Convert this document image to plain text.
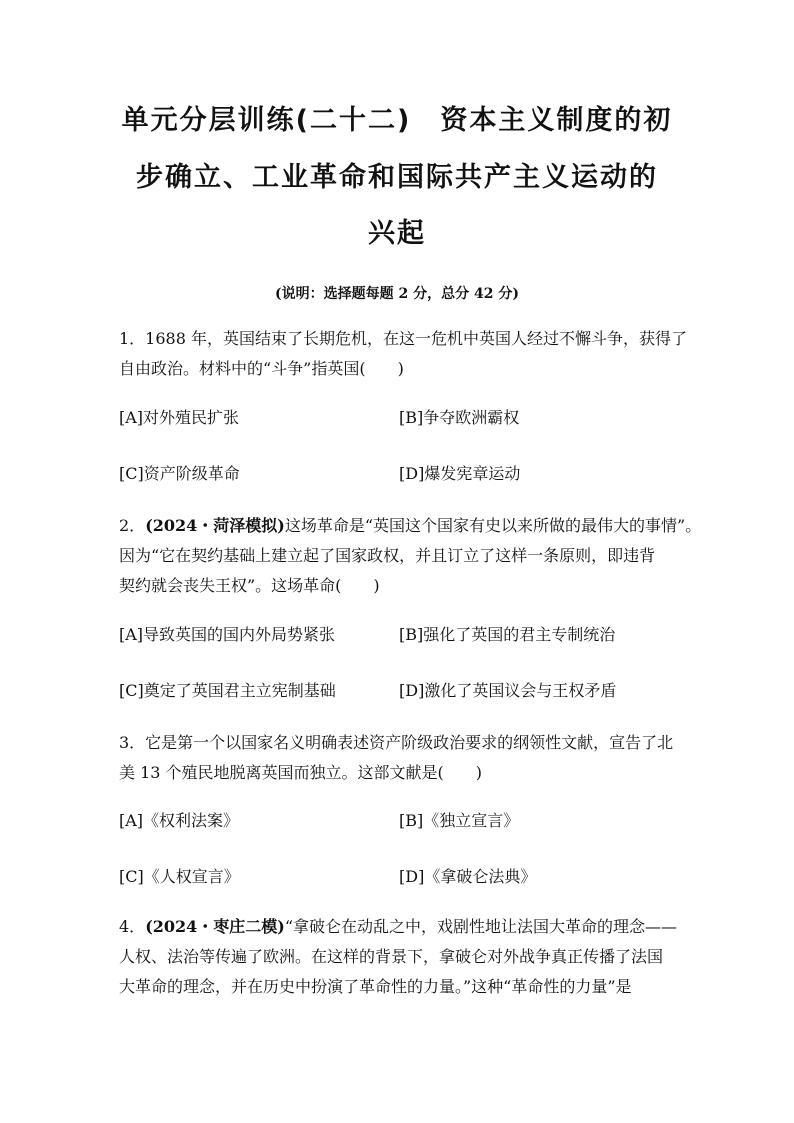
单元分层训练(二十二)　资本主义制度的初
步确立、工业革命和国际共产主义运动的
兴起
(说明：选择题每题 2 分，总分 42 分)
1．1688 年，英国结束了长期危机，在这一危机中英国人经过不懈斗争，获得了
自由政治。材料中的“斗争”指英国(　　)
[A]对外殖民扩张	[B]争夺欧洲霸权
[C]资产阶级革命	[D]爆发宪章运动
2．(2024・菏泽模拟)这场革命是“英国这个国家有史以来所做的最伟大的事情”。
因为“它在契约基础上建立起了国家政权，并且订立了这样一条原则，即违背
契约就会丧失王权”。这场革命(　　)
[A]导致英国的国内外局势紧张	[B]强化了英国的君主专制统治
[C]奠定了英国君主立宪制基础	[D]激化了英国议会与王权矛盾
3．它是第一个以国家名义明确表述资产阶级政治要求的纲领性文献，宣告了北
美 13 个殖民地脱离英国而独立。这部文献是(　　)
[A]《权利法案》	[B]《独立宣言》
[C]《人权宣言》	[D]《拿破仑法典》
4．(2024・枣庄二模)“拿破仑在动乱之中，戏剧性地让法国大革命的理念——
人权、法治等传遍了欧洲。在这样的背景下，拿破仑对外战争真正传播了法国
大革命的理念，并在历史中扮演了革命性的力量。”这种“革命性的力量”是
